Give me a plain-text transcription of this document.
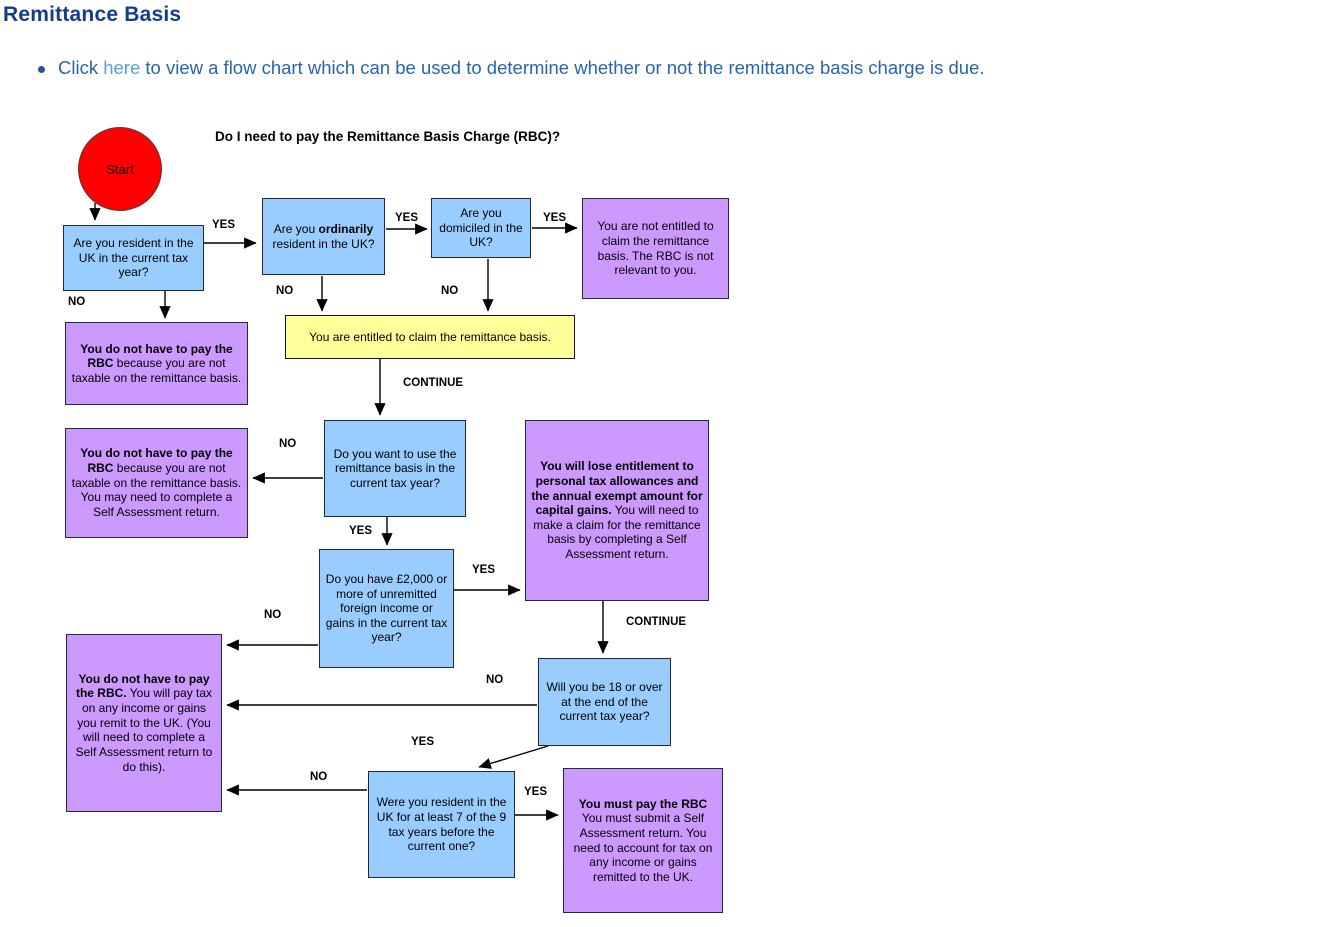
Remittance Basis
Click here to view a flow chart which can be used to determine whether or not the remittance basis charge is due.
Do I need to pay the Remittance Basis Charge (RBC)?
Start
YES
YES	YES
NO
NO	NO
CONTINUE
NO
YES
YES
NO
CONTINUE
NO
YES
NO
YES
Are you resident in the UK in the current tax year?
Are you ordinarily resident in the UK?
Are you domiciled in the UK?
You are not entitled to claim the remittance basis. The RBC is not relevant to you.
You do not have to pay the RBC because you are not taxable on the remittance basis.
You are entitled to claim the remittance basis.
Do you want to use the remittance basis in the current tax year?
You do not have to pay the RBC because you are not taxable on the remittance basis. You may need to complete a Self Assessment return.
You will lose entitlement to personal tax allowances and the annual exempt amount for capital gains. You will need to make a claim for the remittance basis by completing a Self Assessment return.
Do you have £2,000 or more of unremitted foreign income or gains in the current tax year?
You do not have to pay the RBC. You will pay tax on any income or gains you remit to the UK. (You will need to complete a Self Assessment return to do this).
Will you be 18 or over at the end of the current tax year?
Were you resident in the UK for at least 7 of the 9 tax years before the current one?
You must pay the RBC
You must submit a Self Assessment return. You need to account for tax on any income or gains remitted to the UK.
